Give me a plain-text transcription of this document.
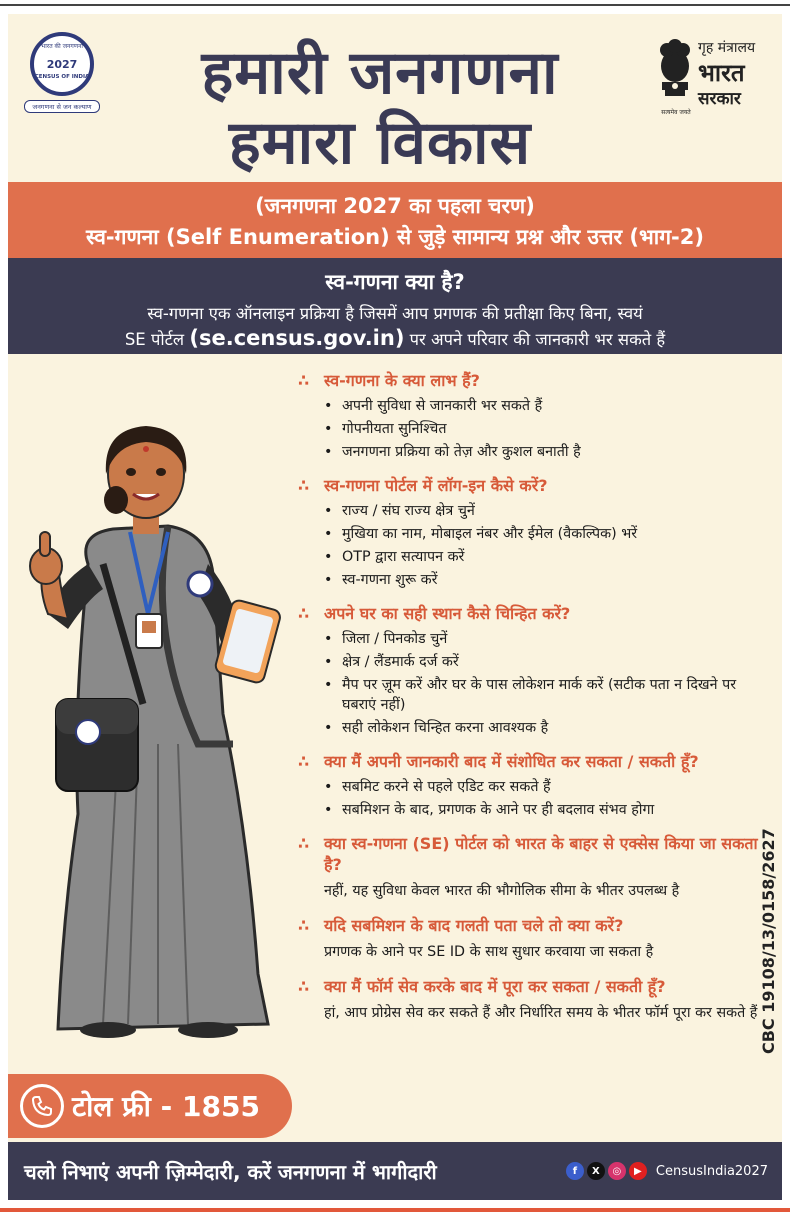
भारत की जनगणना
2027
CENSUS OF INDIA
जनगणना से जन कल्याण	हमारी जनगणना
हमारा विकास
गृह मंत्रालय
भारत
सरकार
सत्यमेव जयते
(जनगणना 2027 का पहला चरण)
स्व-गणना (Self Enumeration) से जुड़े सामान्य प्रश्न और उत्तर (भाग-2)
स्व-गणना क्या है?
स्व-गणना एक ऑनलाइन प्रक्रिया है जिसमें आप प्रगणक की प्रतीक्षा किए बिना, स्वयं
SE पोर्टल (se.census.gov.in) पर अपने परिवार की जानकारी भर सकते हैं
∴ स्व-गणना के क्या लाभ हैं?
• अपनी सुविधा से जानकारी भर सकते हैं
• गोपनीयता सुनिश्चित
• जनगणना प्रक्रिया को तेज़ और कुशल बनाती है
∴ स्व-गणना पोर्टल में लॉग-इन कैसे करें?
• राज्य / संघ राज्य क्षेत्र चुनें
• मुखिया का नाम, मोबाइल नंबर और ईमेल (वैकल्पिक) भरें
• OTP द्वारा सत्यापन करें
• स्व-गणना शुरू करें
∴ अपने घर का सही स्थान कैसे चिन्हित करें?
• जिला / पिनकोड चुनें
• क्षेत्र / लैंडमार्क दर्ज करें
• मैप पर ज़ूम करें और घर के पास लोकेशन मार्क करें (सटीक पता न दिखने पर घबराएं नहीं)
• सही लोकेशन चिन्हित करना आवश्यक है
∴ क्या मैं अपनी जानकारी बाद में संशोधित कर सकता / सकती हूँ?
• सबमिट करने से पहले एडिट कर सकते हैं
• सबमिशन के बाद, प्रगणक के आने पर ही बदलाव संभव होगा
∴ क्या स्व-गणना (SE) पोर्टल को भारत के बाहर से एक्सेस किया जा सकता है?
नहीं, यह सुविधा केवल भारत की भौगोलिक सीमा के भीतर उपलब्ध है
∴ यदि सबमिशन के बाद गलती पता चले तो क्या करें?
प्रगणक के आने पर SE ID के साथ सुधार करवाया जा सकता है
∴ क्या मैं फॉर्म सेव करके बाद में पूरा कर सकता / सकती हूँ?
हां, आप प्रोग्रेस सेव कर सकते हैं और निर्धारित समय के भीतर फॉर्म पूरा कर सकते हैं CBC 19108/13/0158/2627
टोल फ्री - 1855
चलो निभाएं अपनी ज़िम्मेदारी, करें जनगणना में भागीदारी	f	X	◎	▶	CensusIndia2027
